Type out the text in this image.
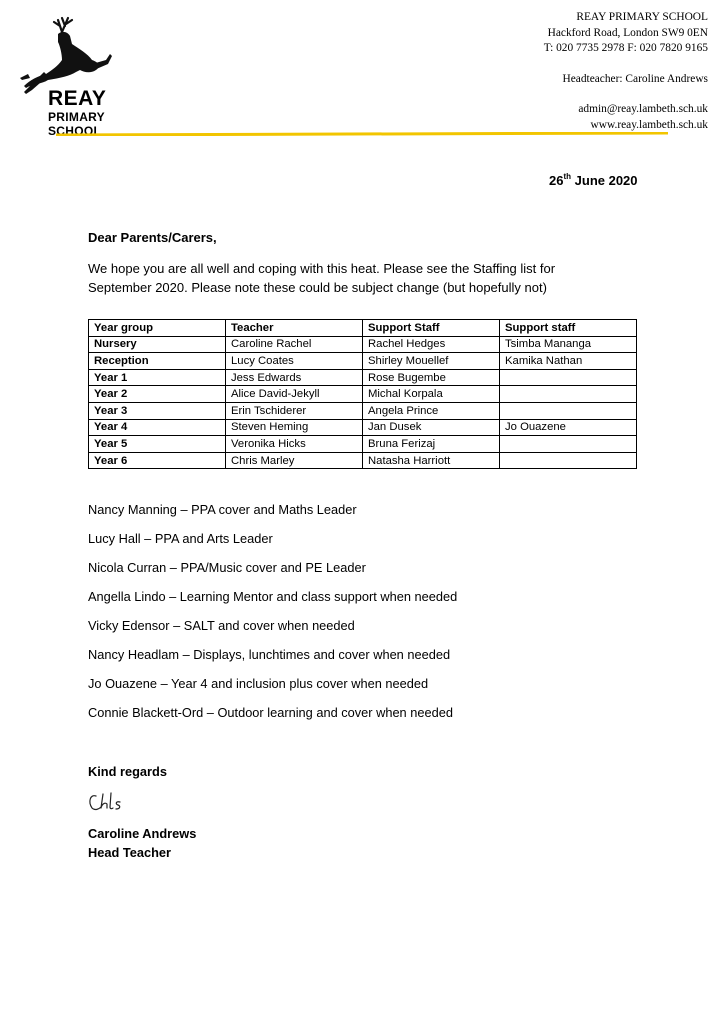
REAY
PRIMARY
SCHOOL
REAY PRIMARY SCHOOL
Hackford Road, London SW9 0EN
T: 020 7735 2978 F: 020 7820 9165
Headteacher: Caroline Andrews
admin@reay.lambeth.sch.uk
www.reay.lambeth.sch.uk
26th June 2020
Dear Parents/Carers,
We hope you are all well and coping with this heat. Please see the Staffing list for September 2020. Please note these could be subject change (but hopefully not)
Year group	Teacher	Support Staff	Support staff
Nursery	Caroline Rachel	Rachel Hedges	Tsimba Mananga
Reception	Lucy Coates	Shirley Mouellef	Kamika Nathan
Year 1	Jess Edwards	Rose Bugembe	
Year 2	Alice David-Jekyll	Michal Korpala	
Year 3	Erin Tschiderer	Angela Prince	
Year 4	Steven Heming	Jan Dusek	Jo Ouazene
Year 5	Veronika Hicks	Bruna Ferizaj	
Year 6	Chris Marley	Natasha Harriott	
Nancy Manning – PPA cover and Maths Leader
Lucy Hall – PPA and Arts Leader
Nicola Curran – PPA/Music cover and PE Leader
Angella Lindo – Learning Mentor and class support when needed
Vicky Edensor – SALT and cover when needed
Nancy Headlam – Displays, lunchtimes and cover when needed
Jo Ouazene – Year 4 and inclusion plus cover when needed
Connie Blackett-Ord – Outdoor learning and cover when needed
Kind regards
Caroline Andrews
Head Teacher
